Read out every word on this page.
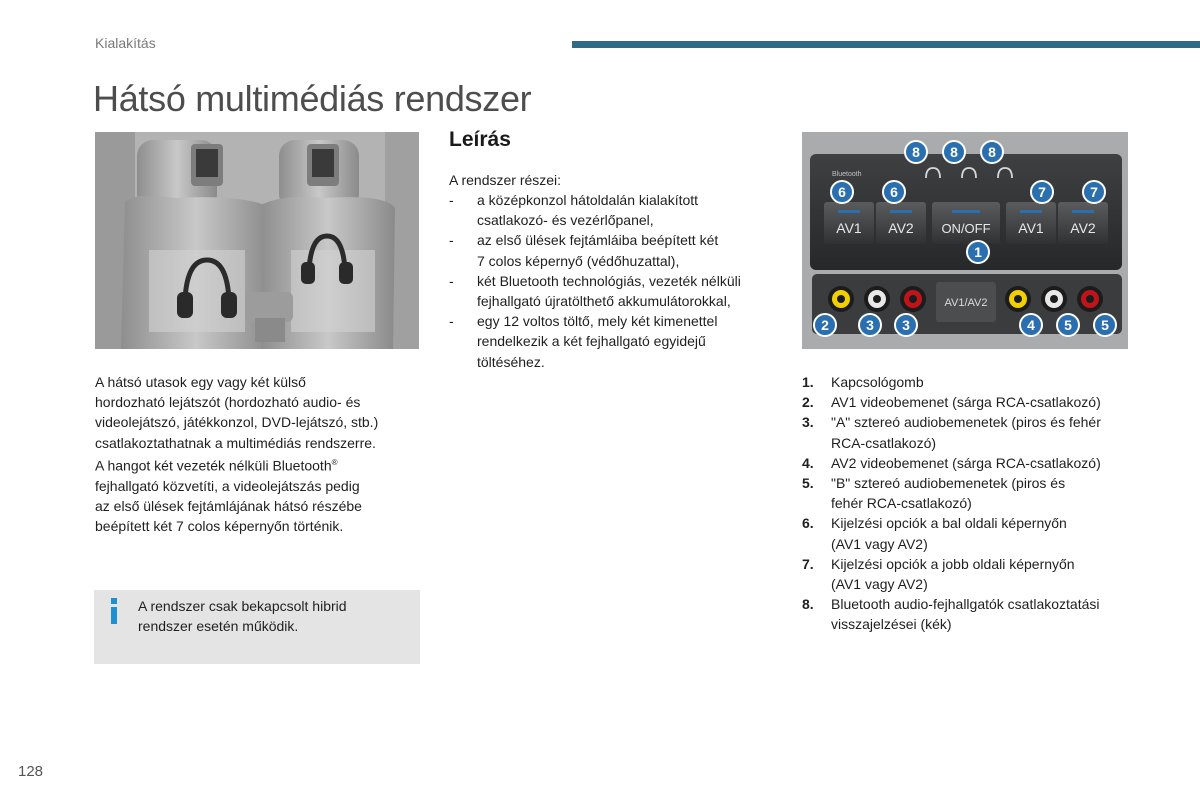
Kialakítás
Hátsó multimédiás rendszer
A hátsó utasok egy vagy két külső
hordozható lejátszót (hordozható audio- és
videolejátszó, játékkonzol, DVD-lejátszó, stb.)
csatlakoztathatnak a multimédiás rendszerre.
A hangot két vezeték nélküli Bluetooth®
fejhallgató közvetíti, a videolejátszás pedig
az első ülések fejtámlájának hátsó részébe
beépített két 7 colos képernyőn történik.
A rendszer csak bekapcsolt hibrid
rendszer esetén működik.
Leírás
A rendszer részei:
-	a középkonzol hátoldalán kialakított
csatlakozó- és vezérlőpanel,
-	az első ülések fejtámláiba beépített két
7 colos képernyő (védőhuzattal),
-	két Bluetooth technológiás, vezeték nélküli
fejhallgató újratölthető akkumulátorokkal,
-	egy 12 voltos töltő, mely két kimenettel
rendelkezik a két fejhallgató egyidejű
töltéséhez.
Bluetooth
AV1 AV2 ON/OFF AV1 AV2
AV1/AV2
8 8 8
6	6	7	7
1
2	3 3	4 5 5
1.	Kapcsológomb
2.	AV1 videobemenet (sárga RCA-csatlakozó)
3.	"A" sztereó audiobemenetek (piros és fehér
RCA-csatlakozó)
4.	AV2 videobemenet (sárga RCA-csatlakozó)
5.	"B" sztereó audiobemenetek (piros és
fehér RCA-csatlakozó)
6.	Kijelzési opciók a bal oldali képernyőn
(AV1 vagy AV2)
7.	Kijelzési opciók a jobb oldali képernyőn
(AV1 vagy AV2)
8.	Bluetooth audio-fejhallgatók csatlakoztatási
visszajelzései (kék)
128
